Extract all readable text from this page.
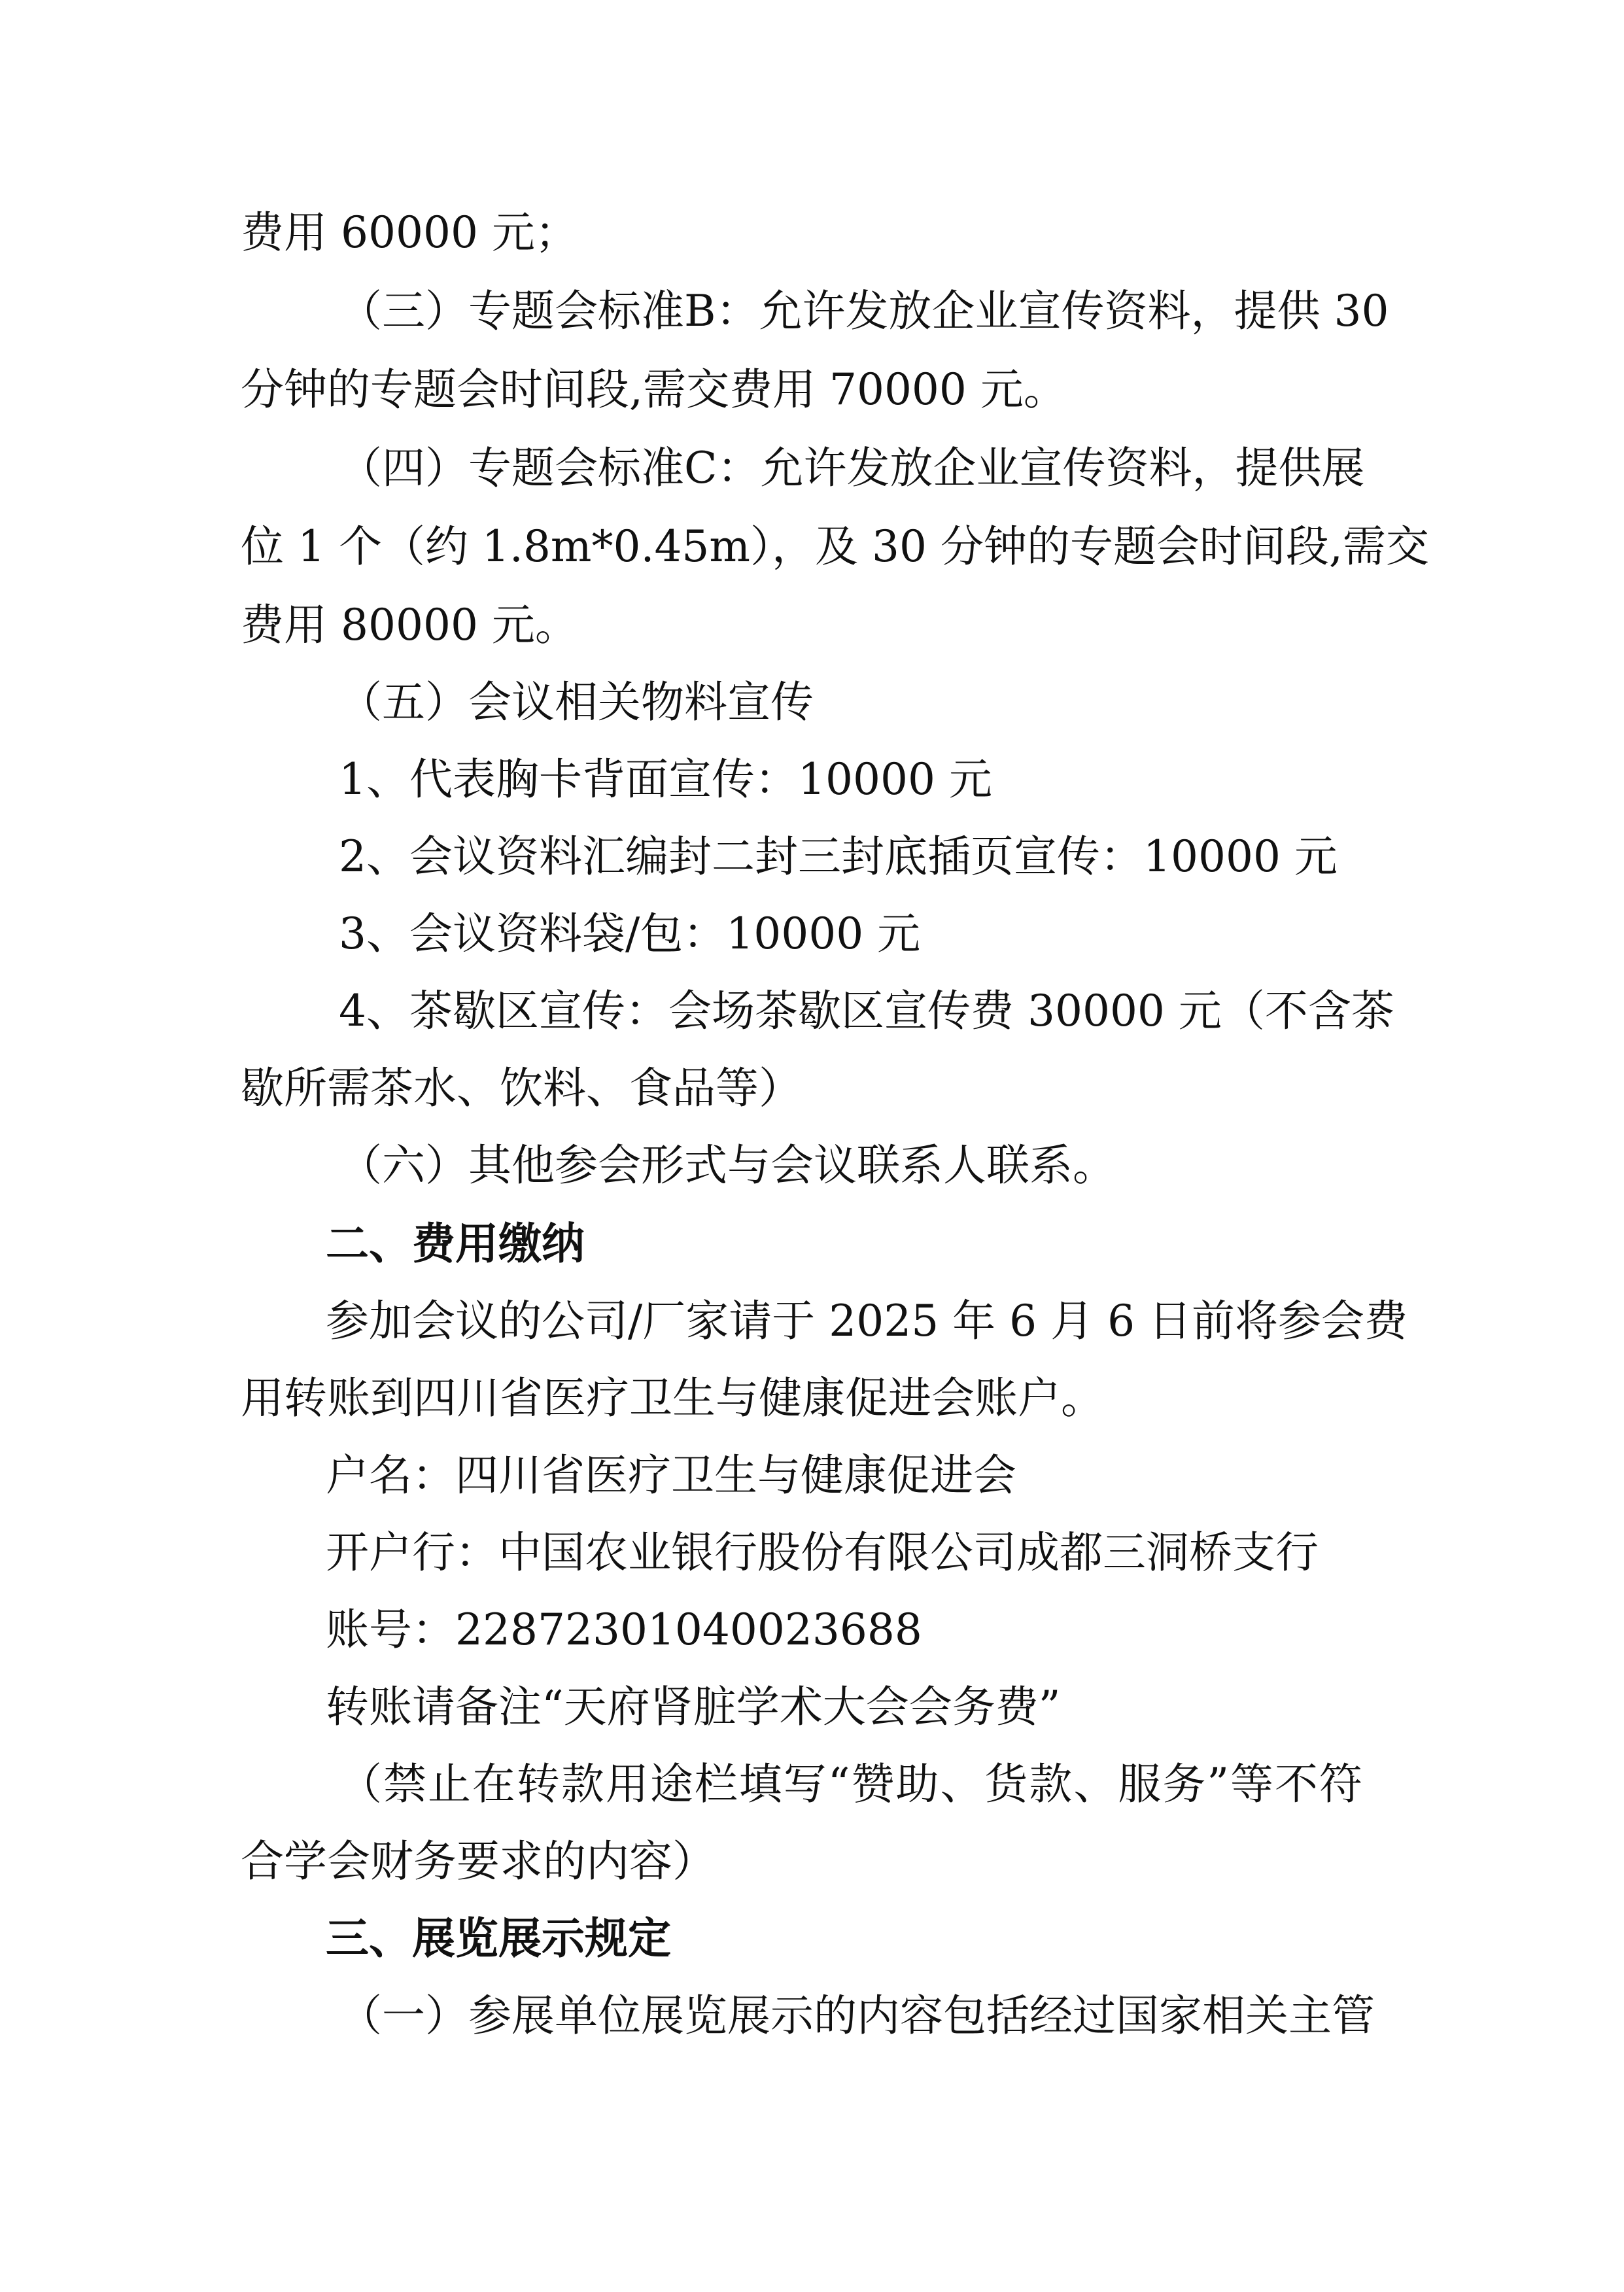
费用 60000 元；
（三）专题会标准B：允许发放企业宣传资料，提供 30
分钟的专题会时间段,需交费用 70000 元。
（四）专题会标准C：允许发放企业宣传资料，提供展
位 1 个（约 1.8m*0.45m），及 30 分钟的专题会时间段,需交
费用 80000 元。
（五）会议相关物料宣传
1、代表胸卡背面宣传：10000 元
2、会议资料汇编封二封三封底插页宣传：10000 元
3、会议资料袋/包：10000 元
4、茶歇区宣传：会场茶歇区宣传费 30000 元（不含茶
歇所需茶水、饮料、食品等）
（六）其他参会形式与会议联系人联系。
二、费用缴纳
参加会议的公司/厂家请于 2025 年 6 月 6 日前将参会费
用转账到四川省医疗卫生与健康促进会账户。
户名：四川省医疗卫生与健康促进会
开户行：中国农业银行股份有限公司成都三洞桥支行
账号：22872301040023688
转账请备注“天府肾脏学术大会会务费”
（禁止在转款用途栏填写“赞助、货款、服务”等不符
合学会财务要求的内容）
三、展览展示规定
（一）参展单位展览展示的内容包括经过国家相关主管
